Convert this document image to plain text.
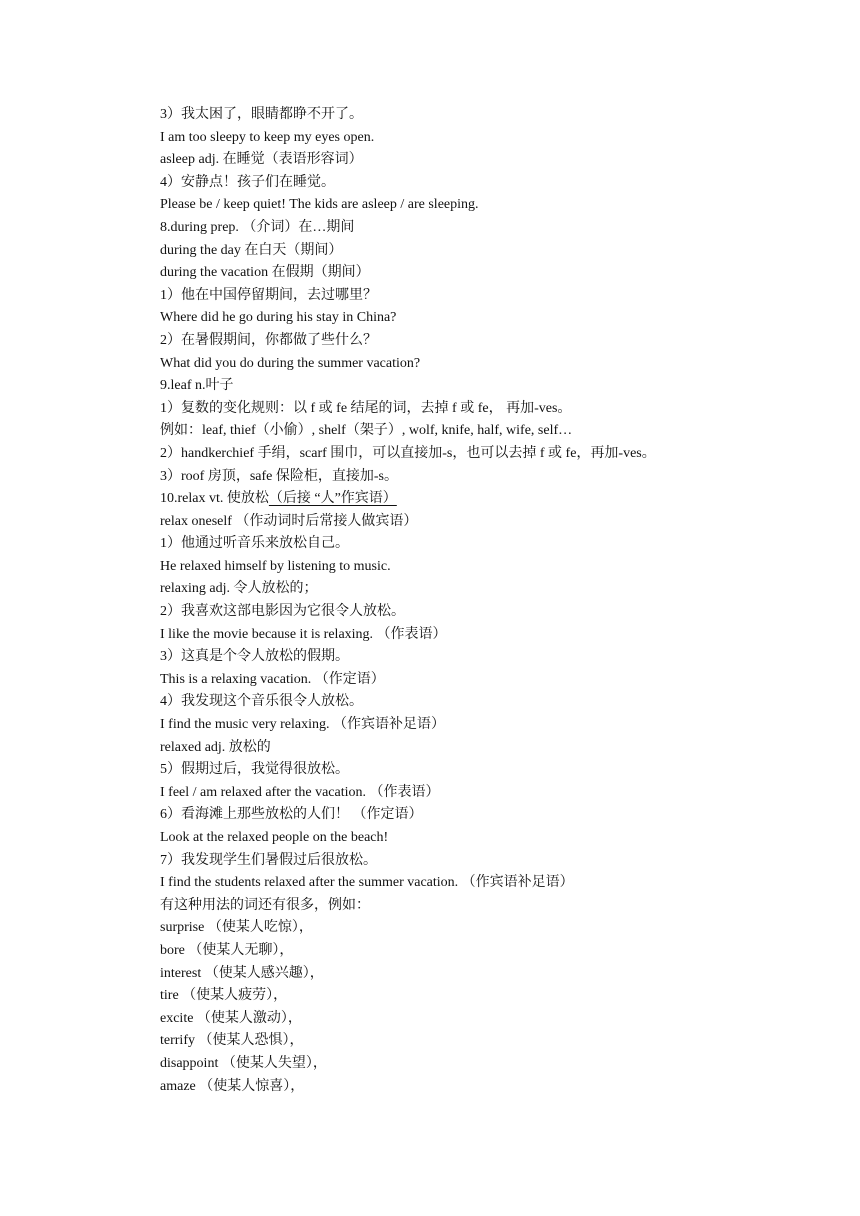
3）我太困了，眼睛都睁不开了。
I am too sleepy to keep my eyes open.
asleep adj. 在睡觉（表语形容词）
4）安静点！孩子们在睡觉。
Please be / keep quiet! The kids are asleep / are sleeping.
8.during prep. （介词）在…期间
during the day 在白天（期间）
during the vacation 在假期（期间）
1）他在中国停留期间，去过哪里？
Where did he go during his stay in China?
2）在暑假期间，你都做了些什么？
What did you do during the summer vacation?
9.leaf n.叶子
1）复数的变化规则：以 f 或 fe 结尾的词，去掉 f 或 fe， 再加-ves。
例如：leaf, thief（小偷）, shelf（架子）, wolf, knife, half, wife, self…
2）handkerchief 手绢，scarf 围巾，可以直接加-s，也可以去掉 f 或 fe，再加-ves。
3）roof 房顶，safe 保险柜，直接加-s。
10.relax vt. 使放松（后接 “人”作宾语）
relax oneself （作动词时后常接人做宾语）
1）他通过听音乐来放松自己。
He relaxed himself by listening to music.
relaxing adj. 令人放松的；
2）我喜欢这部电影因为它很令人放松。
I like the movie because it is relaxing. （作表语）
3）这真是个令人放松的假期。
This is a relaxing vacation. （作定语）
4）我发现这个音乐很令人放松。
I find the music very relaxing. （作宾语补足语）
relaxed adj. 放松的
5）假期过后，我觉得很放松。
I feel / am relaxed after the vacation. （作表语）
6）看海滩上那些放松的人们！ （作定语）
Look at the relaxed people on the beach!
7）我发现学生们暑假过后很放松。
I find the students relaxed after the summer vacation. （作宾语补足语）
有这种用法的词还有很多，例如：
surprise （使某人吃惊），
bore （使某人无聊），
interest （使某人感兴趣），
tire （使某人疲劳），
excite （使某人激动），
terrify （使某人恐惧），
disappoint （使某人失望），
amaze （使某人惊喜），
